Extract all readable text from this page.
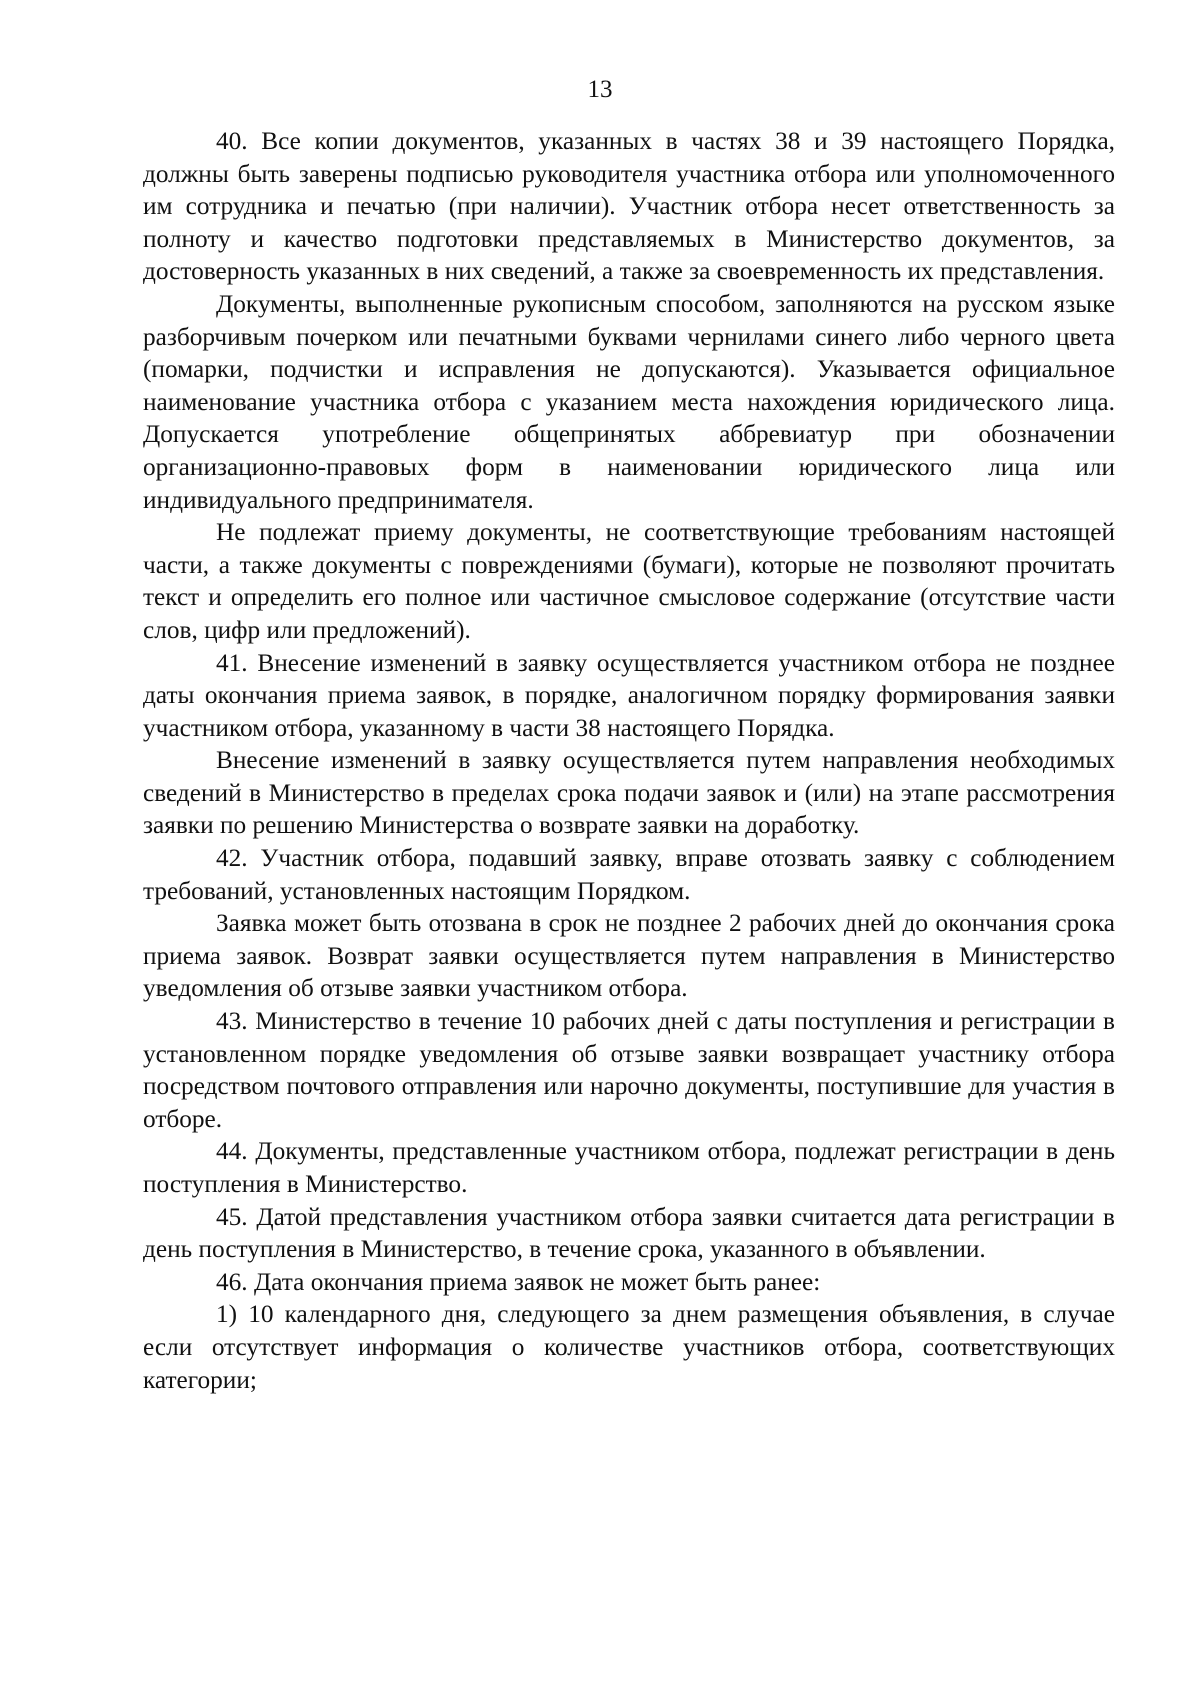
13

40. Все копии документов, указанных в частях 38 и 39 настоящего Порядка, должны быть заверены подписью руководителя участника отбора или уполномоченного им сотрудника и печатью (при наличии). Участник отбора несет ответственность за полноту и качество подготовки представляемых в Министерство документов, за достоверность указанных в них сведений, а также за своевременность их представления.

Документы, выполненные рукописным способом, заполняются на русском языке разборчивым почерком или печатными буквами чернилами синего либо черного цвета (помарки, подчистки и исправления не допускаются). Указывается официальное наименование участника отбора с указанием места нахождения юридического лица. Допускается употребление общепринятых аббревиатур при обозначении организационно-правовых форм в наименовании юридического лица или индивидуального предпринимателя.

Не подлежат приему документы, не соответствующие требованиям настоящей части, а также документы с повреждениями (бумаги), которые не позволяют прочитать текст и определить его полное или частичное смысловое содержание (отсутствие части слов, цифр или предложений).

41. Внесение изменений в заявку осуществляется участником отбора не позднее даты окончания приема заявок, в порядке, аналогичном порядку формирования заявки участником отбора, указанному в части 38 настоящего Порядка.

Внесение изменений в заявку осуществляется путем направления необходимых сведений в Министерство в пределах срока подачи заявок и (или) на этапе рассмотрения заявки по решению Министерства о возврате заявки на доработку.

42. Участник отбора, подавший заявку, вправе отозвать заявку с соблюдением требований, установленных настоящим Порядком.

Заявка может быть отозвана в срок не позднее 2 рабочих дней до окончания срока приема заявок. Возврат заявки осуществляется путем направления в Министерство уведомления об отзыве заявки участником отбора.

43. Министерство в течение 10 рабочих дней с даты поступления и регистрации в установленном порядке уведомления об отзыве заявки возвращает участнику отбора посредством почтового отправления или нарочно документы, поступившие для участия в отборе.

44. Документы, представленные участником отбора, подлежат регистрации в день поступления в Министерство.

45. Датой представления участником отбора заявки считается дата регистрации в день поступления в Министерство, в течение срока, указанного в объявлении.

46. Дата окончания приема заявок не может быть ранее:

1) 10 календарного дня, следующего за днем размещения объявления, в случае если отсутствует информация о количестве участников отбора, соответствующих категории;
